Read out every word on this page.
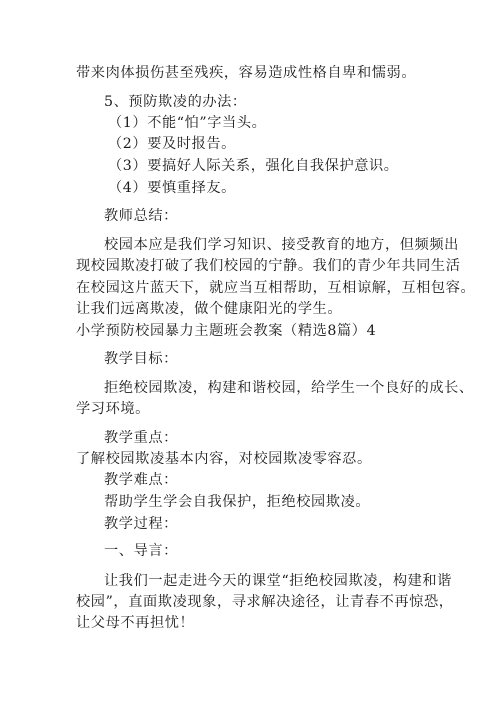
带来肉体损伤甚至残疾，容易造成性格自卑和懦弱。
5、预防欺凌的办法：
（1）不能“怕”字当头。
（2）要及时报告。
（3）要搞好人际关系，强化自我保护意识。
（4）要慎重择友。
教师总结：
校园本应是我们学习知识、接受教育的地方，但频频出
现校园欺凌打破了我们校园的宁静。我们的青少年共同生活
在校园这片蓝天下，就应当互相帮助，互相谅解，互相包容。
让我们远离欺凌，做个健康阳光的学生。
小学预防校园暴力主题班会教案（精选8篇）4
教学目标：
拒绝校园欺凌，构建和谐校园，给学生一个良好的成长、
学习环境。
教学重点：
了解校园欺凌基本内容，对校园欺凌零容忍。
教学难点：
帮助学生学会自我保护，拒绝校园欺凌。
教学过程：
一、导言：
让我们一起走进今天的课堂“拒绝校园欺凌，构建和谐
校园”，直面欺凌现象，寻求解决途径，让青春不再惊恐，
让父母不再担忧！
